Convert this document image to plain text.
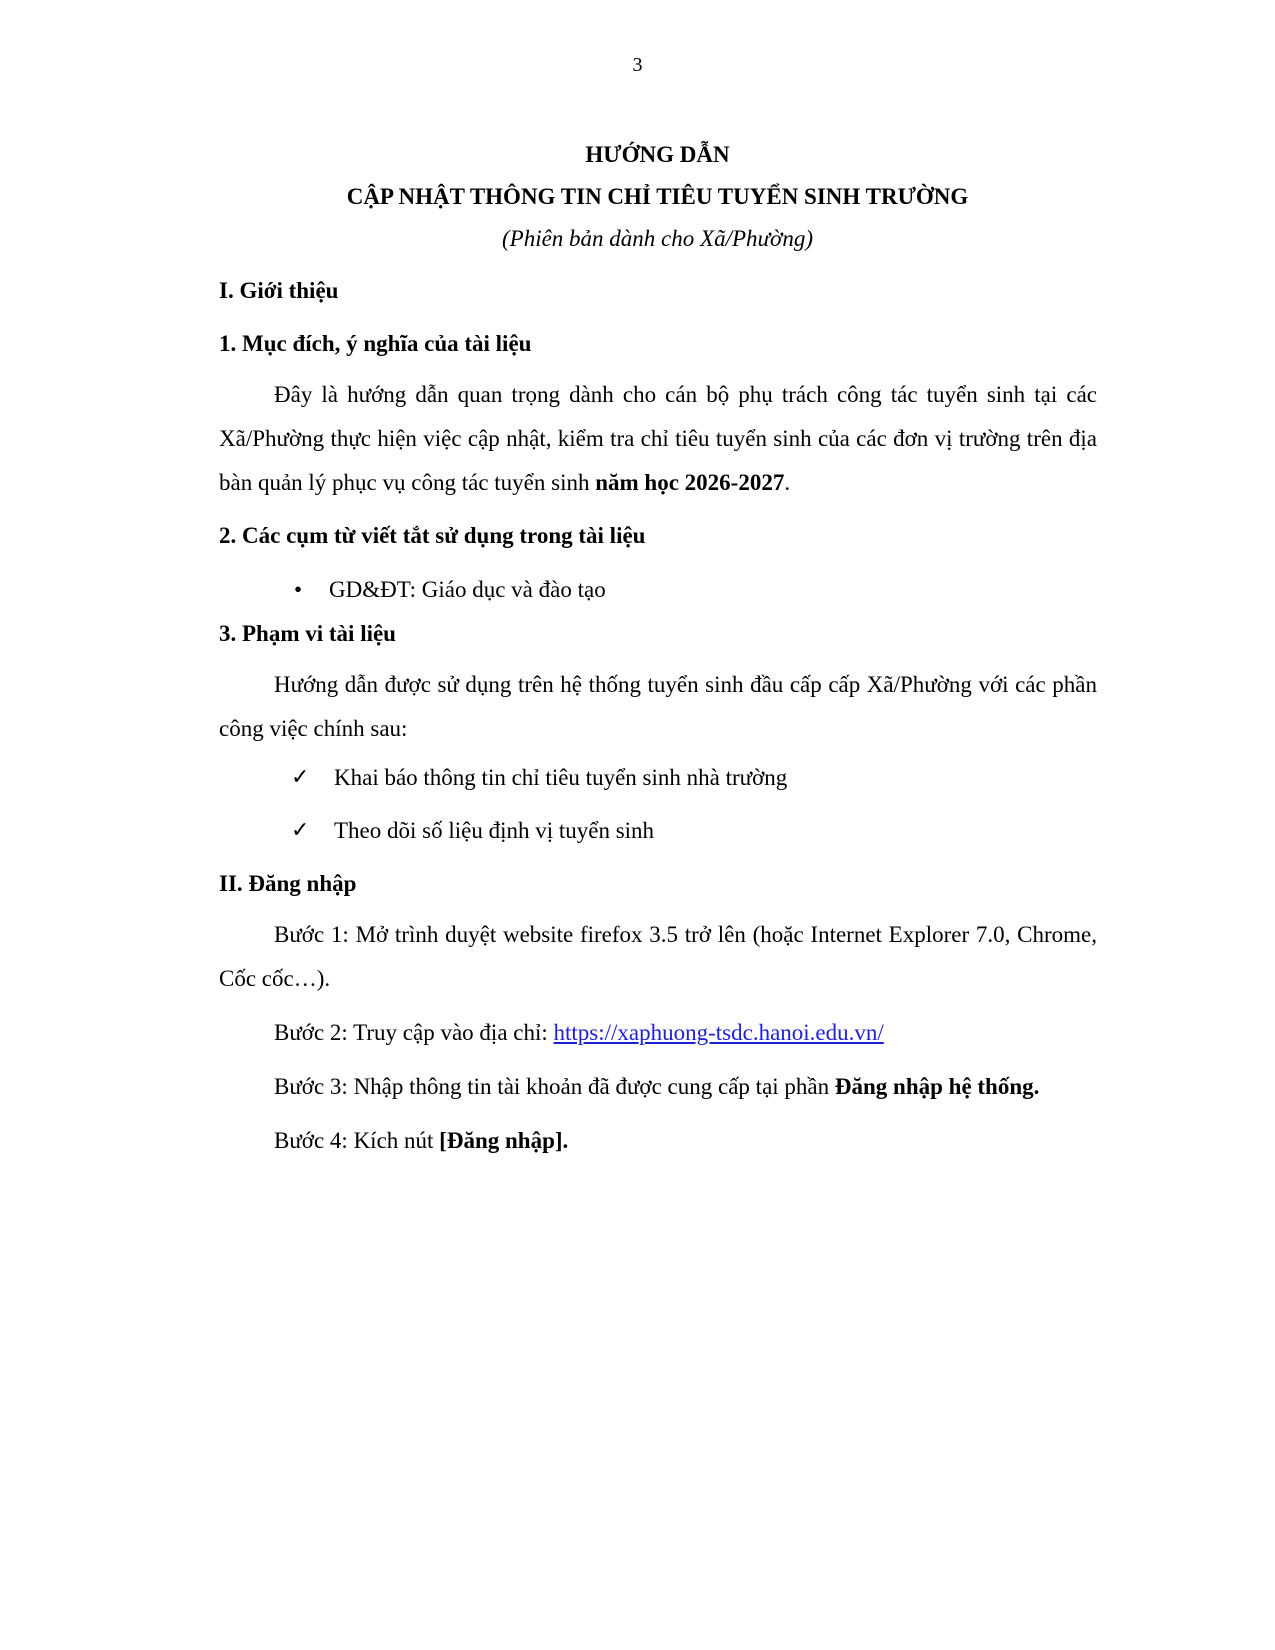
3
HƯỚNG DẪN
CẬP NHẬT THÔNG TIN CHỈ TIÊU TUYỂN SINH TRƯỜNG
(Phiên bản dành cho Xã/Phường)
I. Giới thiệu
1. Mục đích, ý nghĩa của tài liệu

Đây là hướng dẫn quan trọng dành cho cán bộ phụ trách công tác tuyển sinh tại các Xã/Phường thực hiện việc cập nhật, kiểm tra chỉ tiêu tuyển sinh của các đơn vị trường trên địa bàn quản lý phục vụ công tác tuyển sinh năm học 2026-2027.

2. Các cụm từ viết tắt sử dụng trong tài liệu
• GD&ĐT: Giáo dục và đào tạo
3. Phạm vi tài liệu

Hướng dẫn được sử dụng trên hệ thống tuyển sinh đầu cấp cấp Xã/Phường với các phần công việc chính sau:

✓ Khai báo thông tin chỉ tiêu tuyển sinh nhà trường
✓ Theo dõi số liệu định vị tuyển sinh
II. Đăng nhập

Bước 1: Mở trình duyệt website firefox 3.5 trở lên (hoặc Internet Explorer 7.0, Chrome, Cốc cốc…).

Bước 2: Truy cập vào địa chỉ: https://xaphuong-tsdc.hanoi.edu.vn/

Bước 3: Nhập thông tin tài khoản đã được cung cấp tại phần Đăng nhập hệ thống.

Bước 4: Kích nút [Đăng nhập].
